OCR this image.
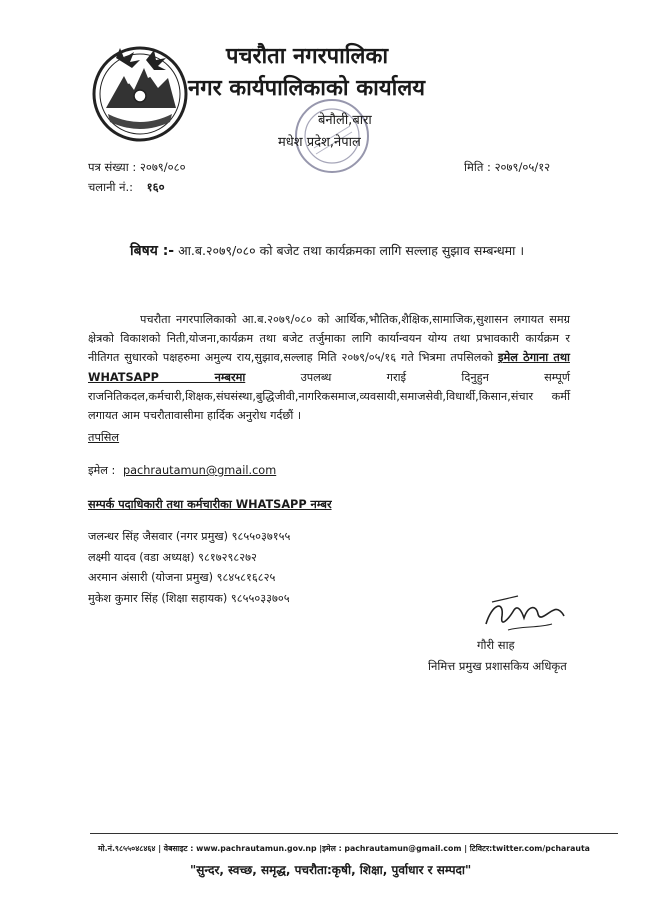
पचरौता नगरपालिका
नगर कार्यपालिकाको कार्यालय
बेनौली,बारा
मधेश प्रदेश,नेपाल
पत्र संख्या : २०७९/०८०
चलानी नं.: १६०
मिति : २०७९/०५/१२
बिषय :- आ.ब.२०७९/०८० को बजेट तथा कार्यक्रमका लागि सल्लाह सुझाव सम्बन्धमा ।
पचरौता नगरपालिकाको आ.ब.२०७९/०८० को आर्थिक,भौतिक,शैक्षिक,सामाजिक,सुशासन लगायत समग्र क्षेत्रको विकाशको निती,योजना,कार्यक्रम तथा बजेट तर्जुमाका लागि कार्यान्वयन योग्य तथा प्रभावकारी कार्यक्रम र नीतिगत सुधारको पक्षहरुमा अमुल्य राय,सुझाव,सल्लाह मिति २०७९/०५/१६ गते भित्रमा तपसिलको इमेल ठेगाना तथा WHATSAPP नम्बरमा	उपलब्ध गराई दिनुहुन सम्पूर्ण राजनितिकदल,कर्मचारी,शिक्षक,संघसंस्था,बुद्धिजीवी,नागरिकसमाज,व्यवसायी,समाजसेवी,विधार्थी,किसान,संचार कर्मी लगायत आम पचरौतावासीमा हार्दिक अनुरोध गर्दछौं ।
तपसिल
इमेल : pachrautamun@gmail.com
सम्पर्क पदाधिकारी तथा कर्मचारीका WHATSAPP नम्बर
जलन्धर सिंह जैसवार (नगर प्रमुख) ९८५५०३७१५५
लक्ष्मी यादव (वडा अध्यक्ष) ९८१७२९८२७२
अरमान अंसारी (योजना प्रमुख) ९८४५८१६८२५
मुकेश कुमार सिंह (शिक्षा सहायक) ९८५५०३३७०५
गौरी साह
निमित्त प्रमुख प्रशासकिय अधिकृत
मो.नं.९८५५०४८४६४ | वेबसाइट : www.pachrautamun.gov.np |इमेल : pachrautamun@gmail.com | टिविटर:twitter.com/pcharauta
"सुन्दर, स्वच्छ, समृद्ध, पचरौता:कृषी, शिक्षा, पुर्वाधार र सम्पदा"
